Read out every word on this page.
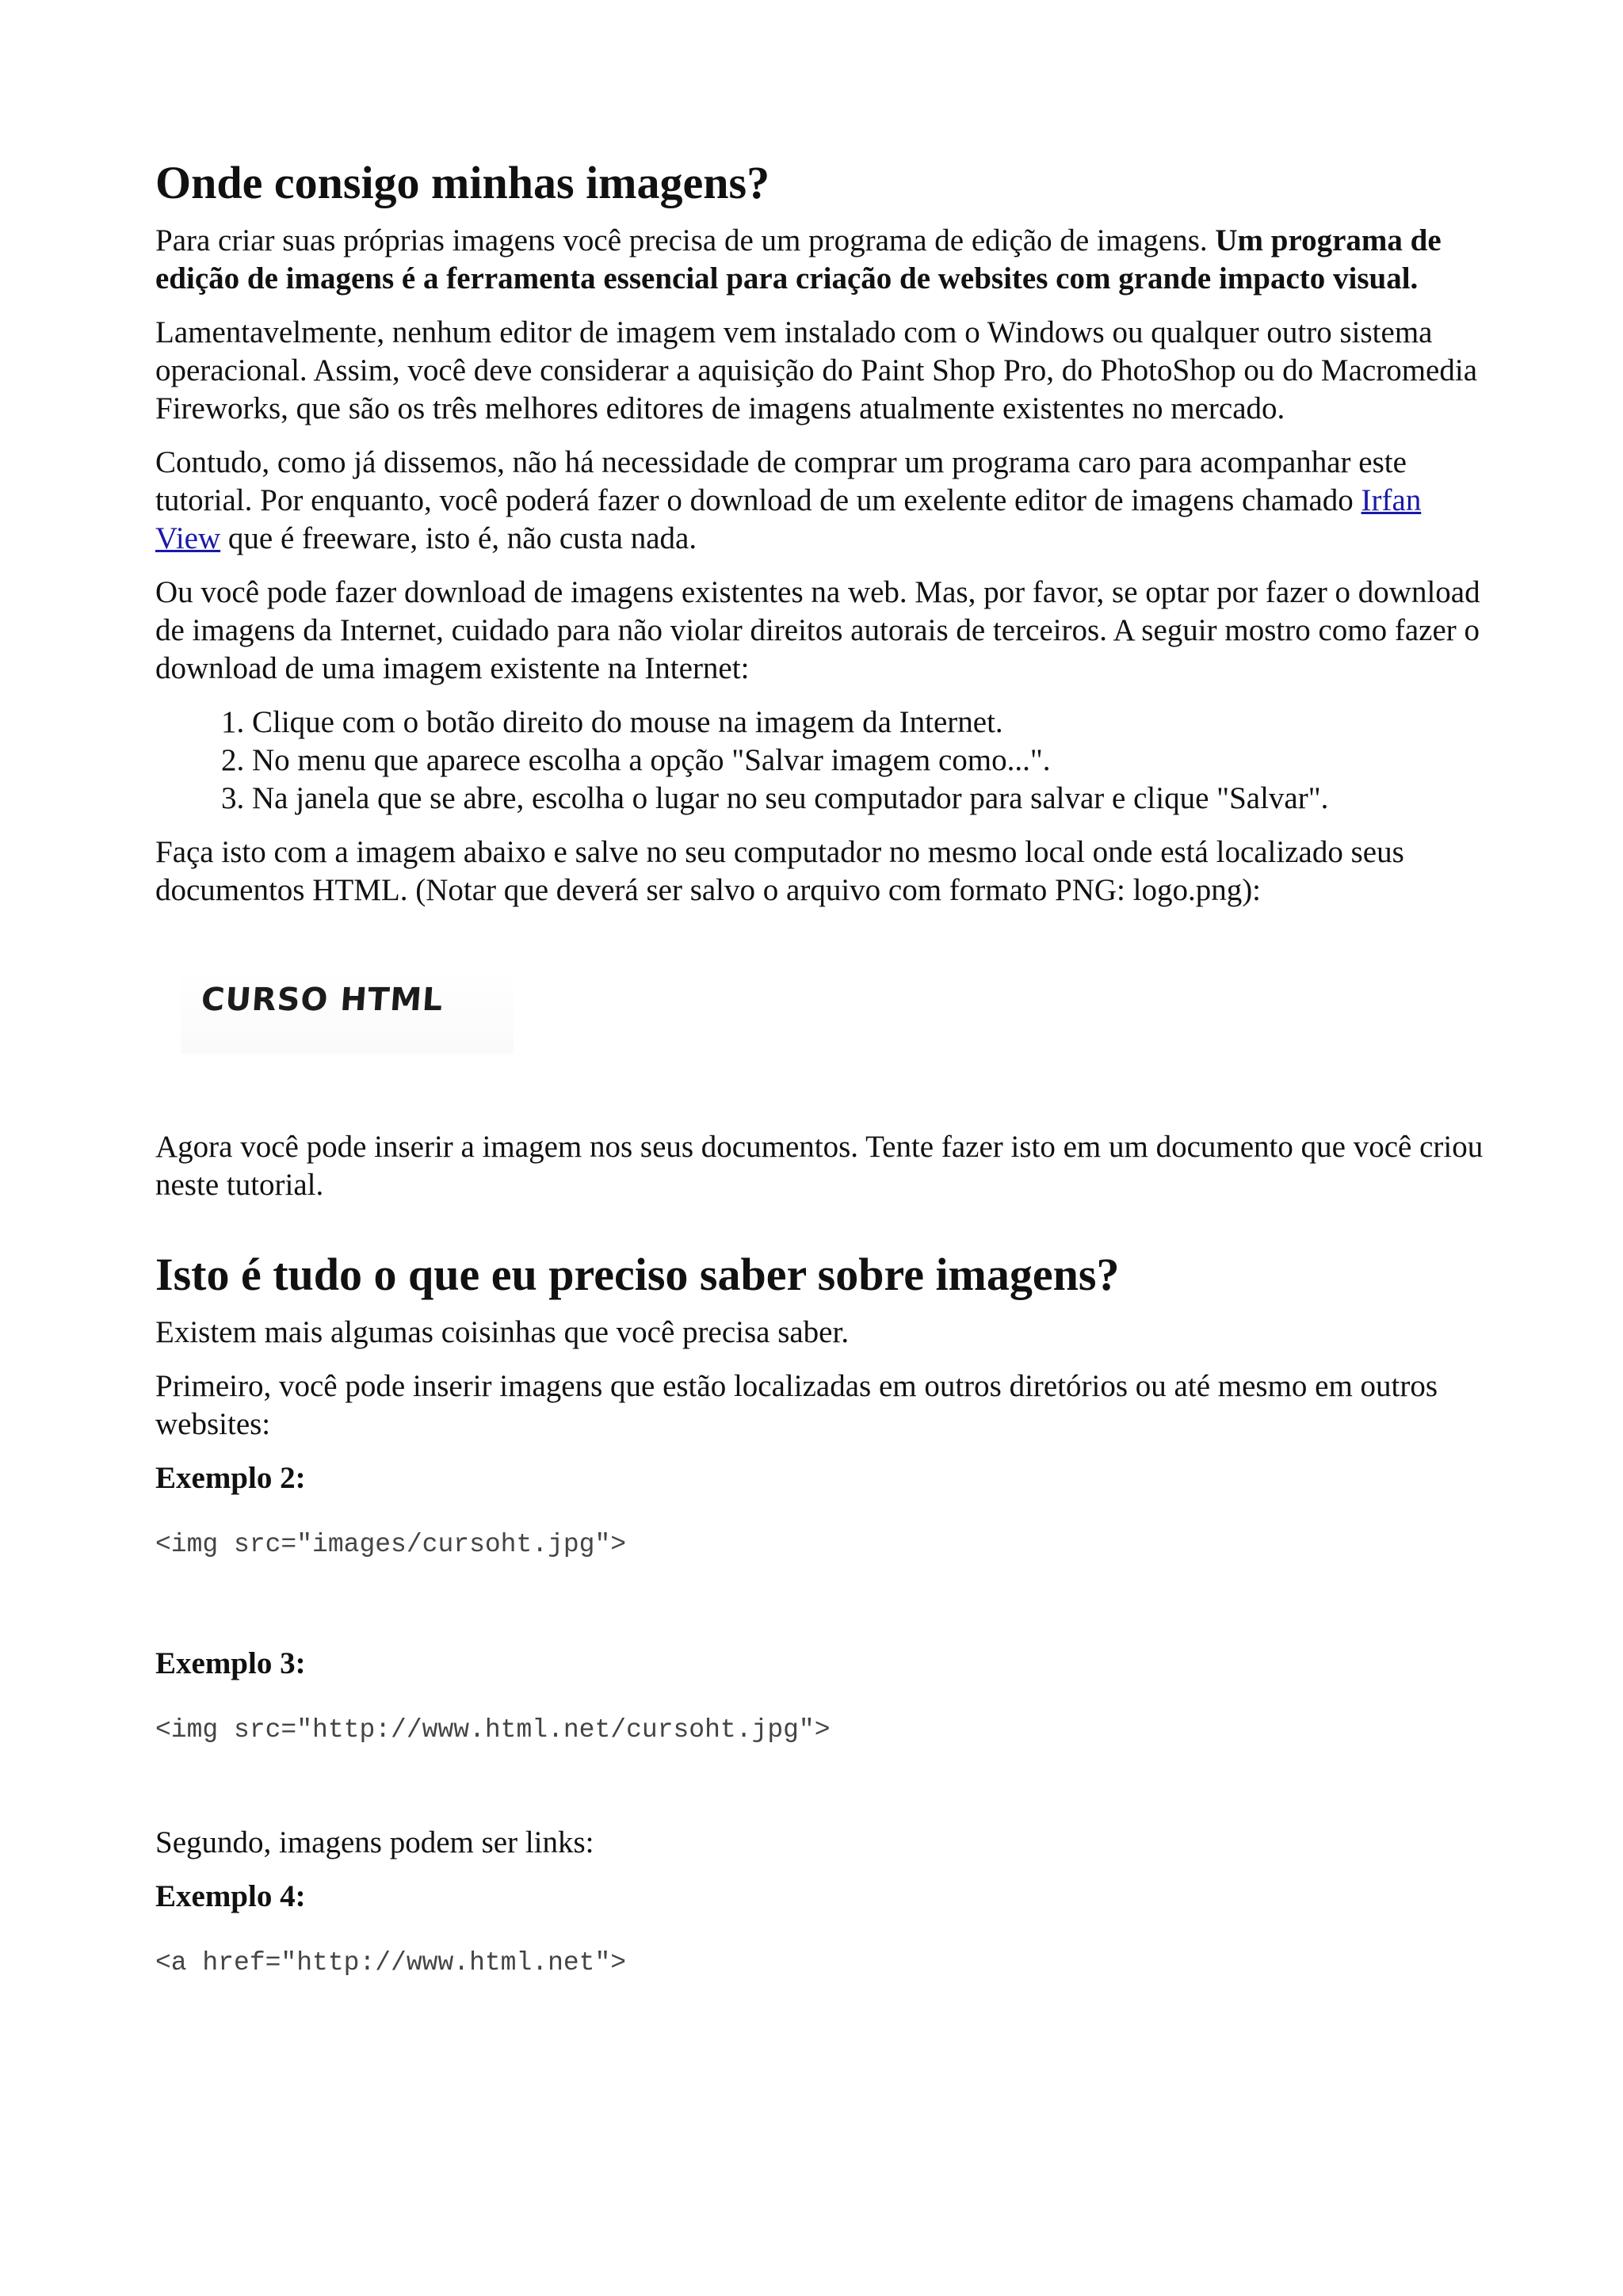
Onde consigo minhas imagens?

Para criar suas próprias imagens você precisa de um programa de edição de imagens. Um programa de edição de imagens é a ferramenta essencial para criação de websites com grande impacto visual.

Lamentavelmente, nenhum editor de imagem vem instalado com o Windows ou qualquer outro sistema operacional. Assim, você deve considerar a aquisição do Paint Shop Pro, do PhotoShop ou do Macromedia Fireworks, que são os três melhores editores de imagens atualmente existentes no mercado.

Contudo, como já dissemos, não há necessidade de comprar um programa caro para acompanhar este tutorial. Por enquanto, você poderá fazer o download de um exelente editor de imagens chamado Irfan View que é freeware, isto é, não custa nada.

Ou você pode fazer download de imagens existentes na web. Mas, por favor, se optar por fazer o download de imagens da Internet, cuidado para não violar direitos autorais de terceiros. A seguir mostro como fazer o download de uma imagem existente na Internet:

1. Clique com o botão direito do mouse na imagem da Internet.
2. No menu que aparece escolha a opção "Salvar imagem como...".
3. Na janela que se abre, escolha o lugar no seu computador para salvar e clique "Salvar".

Faça isto com a imagem abaixo e salve no seu computador no mesmo local onde está localizado seus documentos HTML. (Notar que deverá ser salvo o arquivo com formato PNG: logo.png):

CURSO HTML

Agora você pode inserir a imagem nos seus documentos. Tente fazer isto em um documento que você criou neste tutorial.

Isto é tudo o que eu preciso saber sobre imagens?

Existem mais algumas coisinhas que você precisa saber.

Primeiro, você pode inserir imagens que estão localizadas em outros diretórios ou até mesmo em outros websites:

Exemplo 2:

<img src="images/cursoht.jpg">

Exemplo 3:

<img src="http://www.html.net/cursoht.jpg">

Segundo, imagens podem ser links:

Exemplo 4:

<a href="http://www.html.net">
